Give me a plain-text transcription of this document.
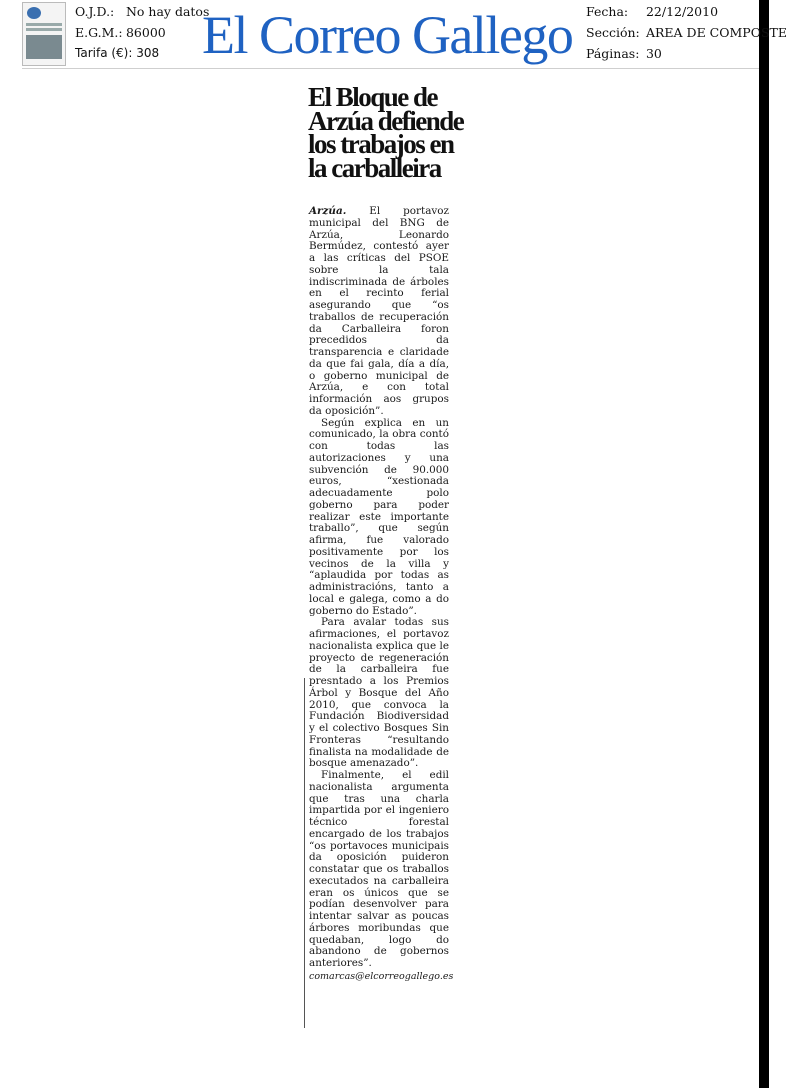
O.J.D.: No hay datos
E.G.M.: 86000
Tarifa (€): 308 El Correo Gallego	Fecha: 22/12/2010
Sección: AREA DE COMPOSTE
Páginas: 30
El Bloque de Arzúa defiende los trabajos en la carballeira

Arzúa. El portavoz municipal del BNG de Arzúa, Leonardo Bermúdez, contestó ayer a las críticas del PSOE sobre la tala indiscriminada de árboles en el recinto ferial asegurando que “os traballos de recuperación da Carballeira foron precedidos da transparencia e claridade da que fai gala, día a día, o goberno municipal de Arzúa, e con total información aos grupos da oposición”.

Según explica en un comunicado, la obra contó con todas las autorizaciones y una subvención de 90.000 euros, “xestionada adecuadamente polo goberno para poder realizar este importante traballo”, que según afirma, fue valorado positivamente por los vecinos de la villa y “aplaudida por todas as administracións, tanto a local e galega, como a do goberno do Estado”.

Para avalar todas sus afirmaciones, el portavoz nacionalista explica que le proyecto de regeneración de la carballeira fue presntado a los Premios Árbol y Bosque del Año 2010, que convoca la Fundación Biodiversidad y el colectivo Bosques Sin Fronteras “resultando finalista na modalidade de bosque amenazado”.

Finalmente, el edil nacionalista argumenta que tras una charla impartida por el ingeniero técnico forestal encargado de los trabajos “os portavoces municipais da oposición puideron constatar que os traballos executados na carballeira eran os únicos que se podían desenvolver para intentar salvar as poucas árbores moribundas que quedaban, logo do abandono de gobernos anteriores”.

comarcas@elcorreogallego.es
